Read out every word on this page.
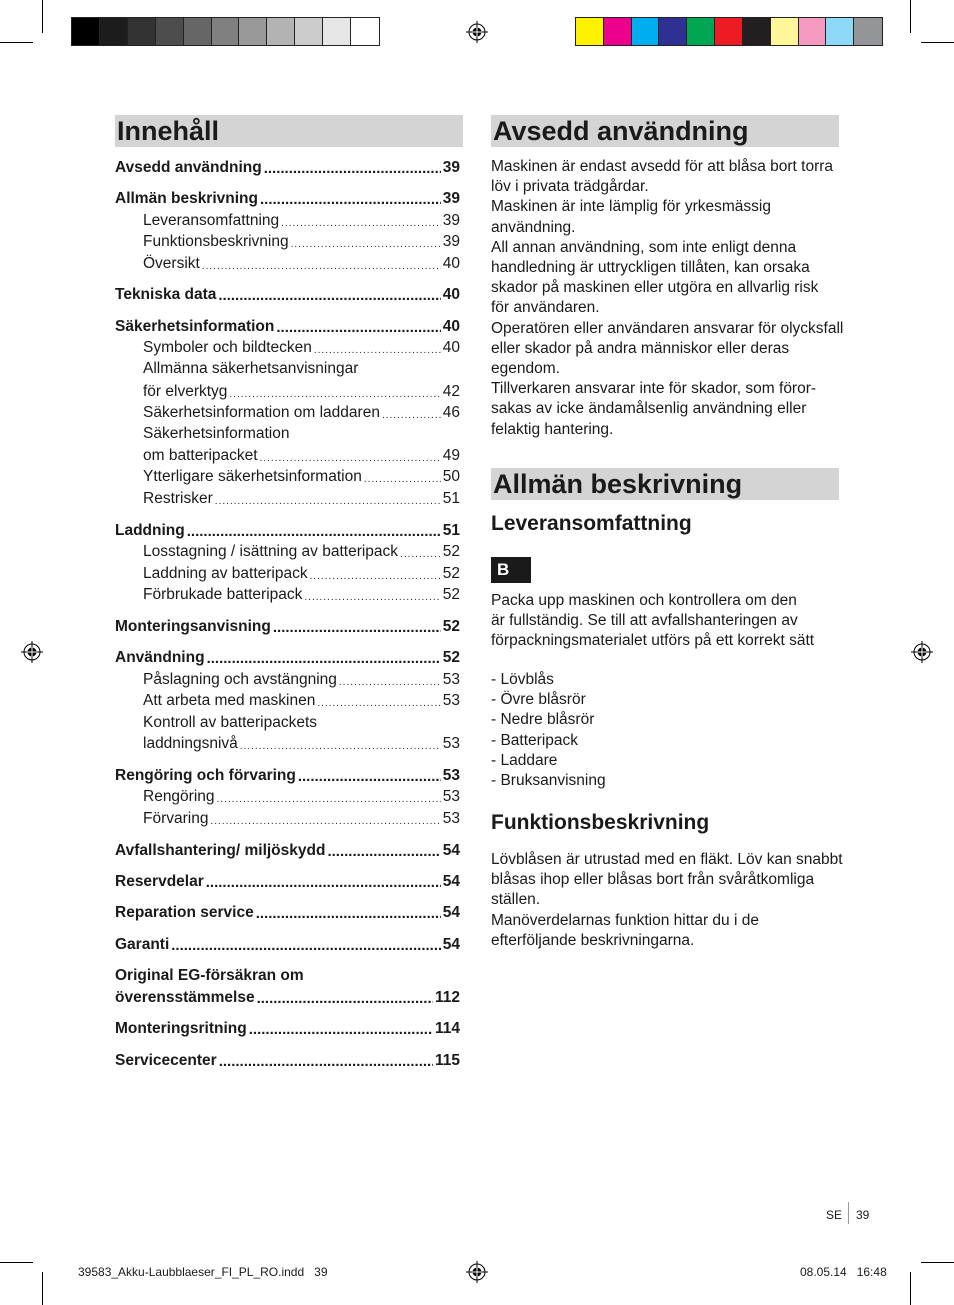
Innehåll
Avsedd användning .....	39
Allmän beskrivning .....	39
Leveransomfattning .....	39
Funktionsbeskrivning .....	39
Översikt .....	40
Tekniska data .....	40
Säkerhetsinformation .....	40
Symboler och bildtecken .....	40
Allmänna säkerhetsanvisningar
för elverktyg .....	42
Säkerhetsinformation om laddaren .....	46
Säkerhetsinformation
om batteripacket .....	49
Ytterligare säkerhetsinformation .....	50
Restrisker .....	51
Laddning .....	51
Losstagning / isättning av batteripack .....	52
Laddning av batteripack .....	52
Förbrukade batteripack .....	52
Monteringsanvisning .....	52
Användning .....	52
Påslagning och avstängning .....	53
Att arbeta med maskinen .....	53
Kontroll av batteripackets
laddningsnivå .....	53
Rengöring och förvaring .....	53
Rengöring .....	53
Förvaring .....	53
Avfallshantering/ miljöskydd .....	54
Reservdelar .....	54
Reparation service .....	54
Garanti .....	54
Original EG-försäkran om
överensstämmelse .....	112
Monteringsritning .....	114
Servicecenter .....	115
Avsedd användning
Maskinen är endast avsedd för att blåsa bort torra
löv i privata trädgårdar.
Maskinen är inte lämplig för yrkesmässig
användning.
All annan användning, som inte enligt denna
handledning är uttryckligen tillåten, kan orsaka
skador på maskinen eller utgöra en allvarlig risk
för användaren.
Operatören eller användaren ansvarar för olycksfall
eller skador på andra människor eller deras
egendom.
Tillverkaren ansvarar inte för skador, som föror-
sakas av icke ändamålsenlig användning eller
felaktig hantering.
Allmän beskrivning
Leveransomfattning
B
Packa upp maskinen och kontrollera om den
är fullständig. Se till att avfallshanteringen av
förpackningsmaterialet utförs på ett korrekt sätt
- Lövblås
- Övre blåsrör
- Nedre blåsrör
- Batteripack
- Laddare
- Bruksanvisning
Funktionsbeskrivning
Lövblåsen är utrustad med en fläkt. Löv kan snabbt
blåsas ihop eller blåsas bort från svåråtkomliga
ställen.
Manöverdelarnas funktion hittar du i de
efterföljande beskrivningarna.
SE 39
39583_Akku-Laubblaeser_FI_PL_RO.indd   39	08.05.14   16:48
